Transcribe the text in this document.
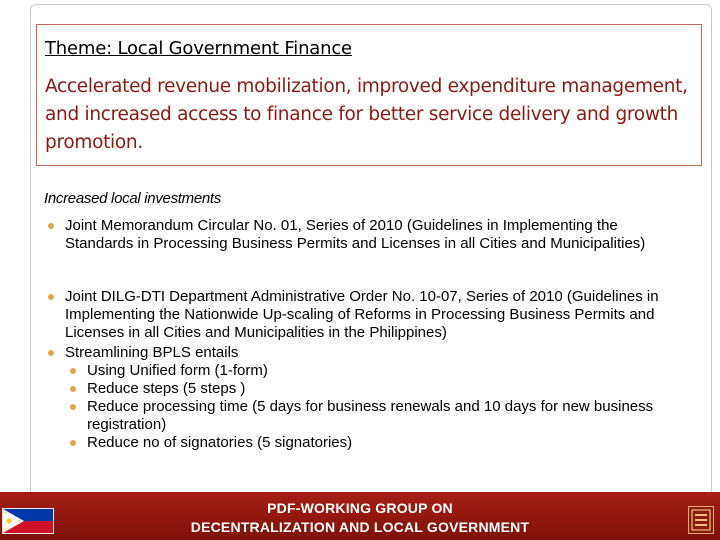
Theme: Local Government Finance

Accelerated revenue mobilization, improved expenditure management, and increased access to finance for better service delivery and growth promotion.

Increased local investments

Joint Memorandum Circular No. 01, Series of 2010 (Guidelines in Implementing the Standards in Processing Business Permits and Licenses in all Cities and Municipalities)
Joint DILG-DTI Department Administrative Order No. 10-07, Series of 2010 (Guidelines in Implementing the Nationwide Up-scaling of Reforms in Processing Business Permits and Licenses in all Cities and Municipalities in the Philippines)
Streamlining BPLS entails
Using Unified form (1-form)
Reduce steps (5 steps )
Reduce processing time (5 days for business renewals and 10 days for new business registration)
Reduce no of signatories (5 signatories)
PDF-WORKING GROUP ON
DECENTRALIZATION AND LOCAL GOVERNMENT
